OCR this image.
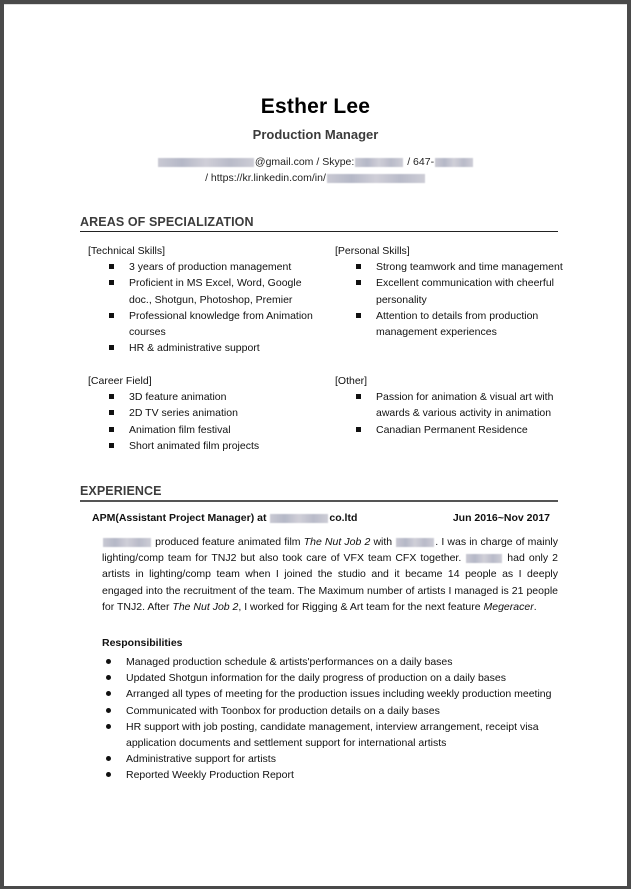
Esther Lee
Production Manager
@gmail.com / Skype:	/ 647-
/ https://kr.linkedin.com/in/
AREAS OF SPECIALIZATION
[Technical Skills]
3 years of production management
Proficient in MS Excel, Word, Google doc., Shotgun, Photoshop, Premier
Professional knowledge from Animation courses
HR & administrative support
[Personal Skills]
Strong teamwork and time management
Excellent communication with cheerful personality
Attention to details from production management experiences
[Career Field]
3D feature animation
2D TV series animation
Animation film festival
Short animated film projects
[Other]
Passion for animation & visual art with awards & various activity in animation
Canadian Permanent Residence
EXPERIENCE
APM(Assistant Project Manager) at	co.ltd	Jun 2016~Nov 2017
produced feature animated film The Nut Job 2 with	. I was in charge of mainly lighting/comp team for TNJ2 but also took care of VFX team CFX together.	had only 2 artists in lighting/comp team when I joined the studio and it became 14 people as I deeply engaged into the recruitment of the team. The Maximum number of artists I managed is 21 people for TNJ2. After The Nut Job 2, I worked for Rigging & Art team for the next feature Megeracer.
Responsibilities
Managed production schedule & artists'performances on a daily bases
Updated Shotgun information for the daily progress of production on a daily bases
Arranged all types of meeting for the production issues including weekly production meeting
Communicated with Toonbox for production details on a daily bases
HR support with job posting, candidate management, interview arrangement, receipt visa application documents and settlement support for international artists
Administrative support for artists
Reported Weekly Production Report
